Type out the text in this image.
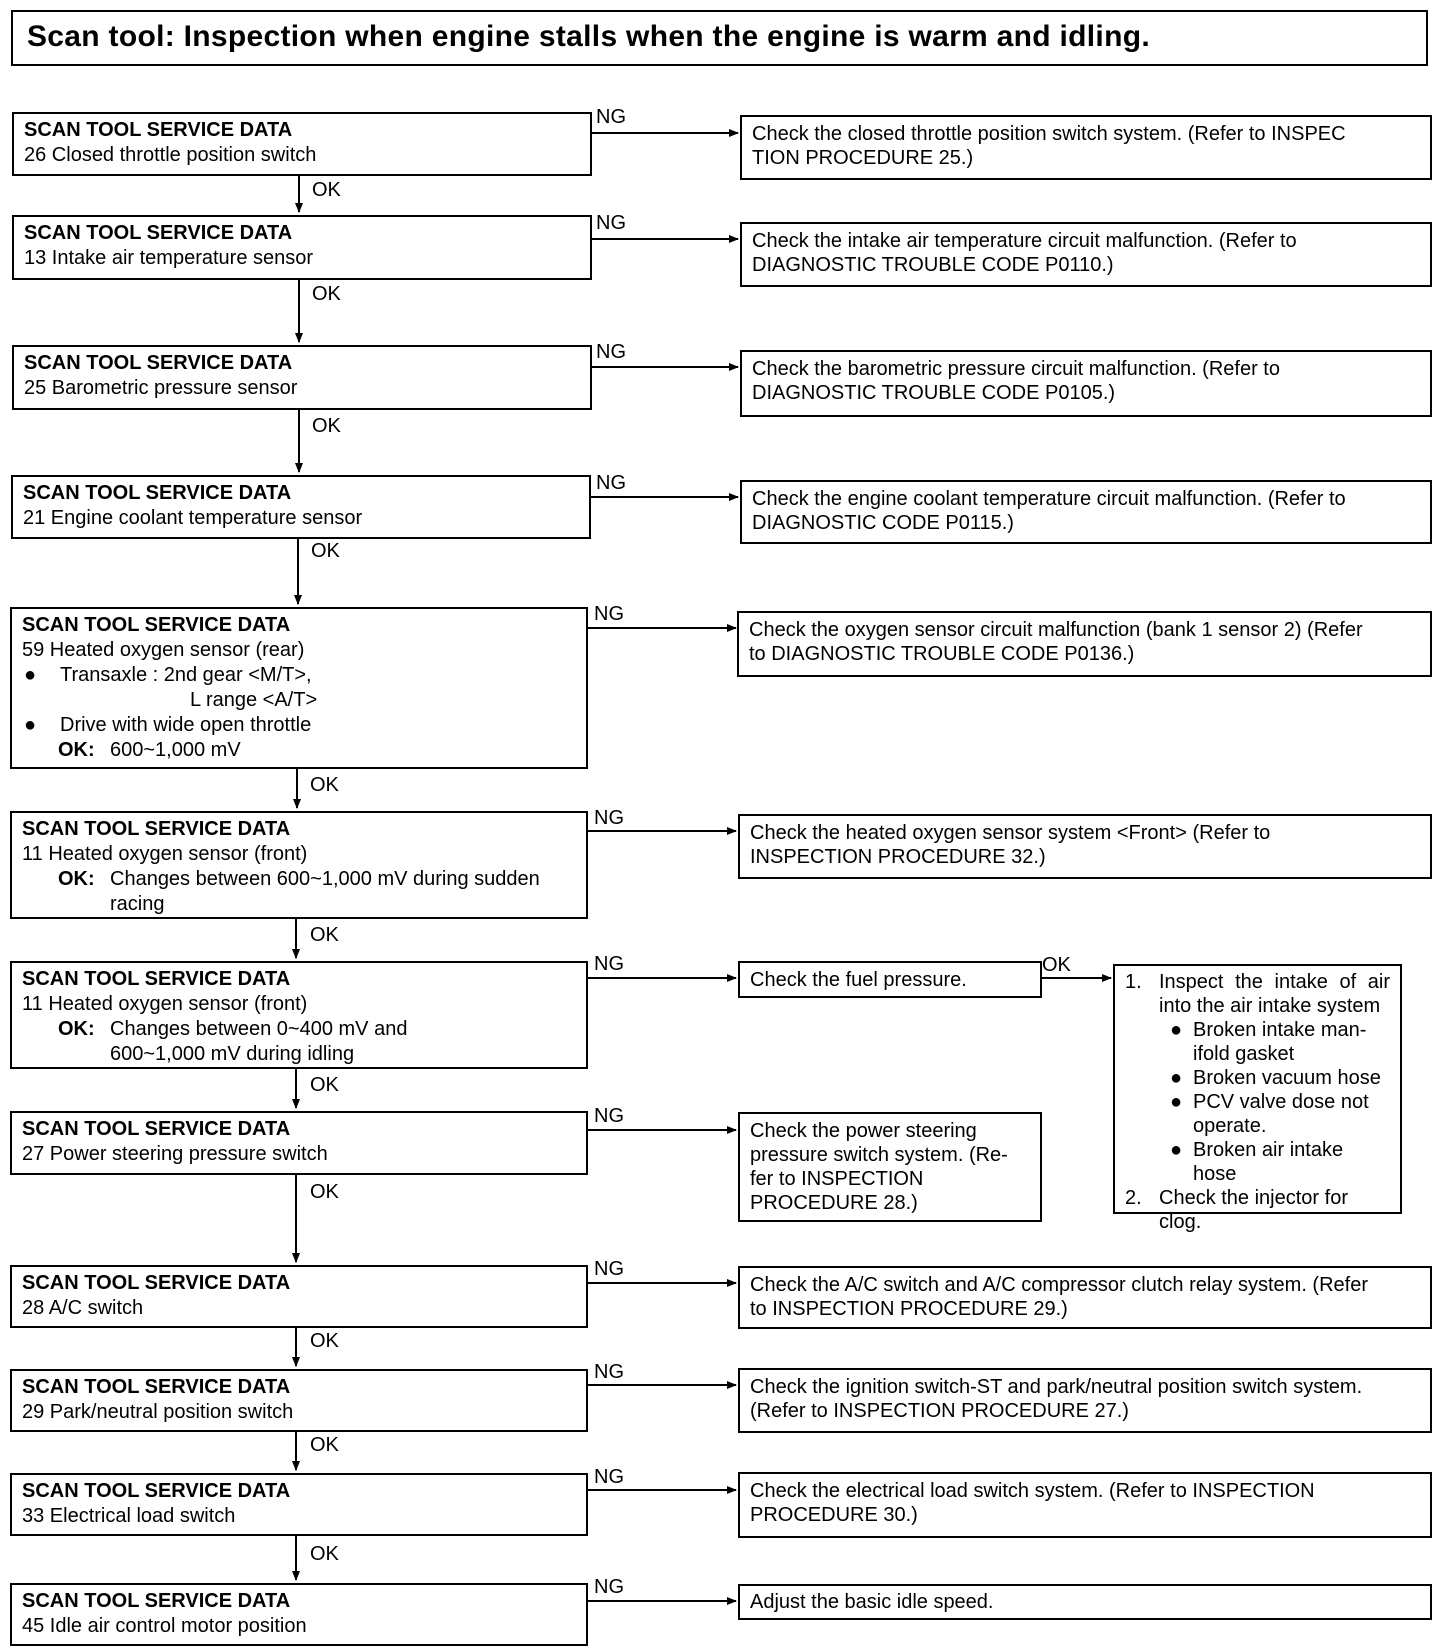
Scan tool: Inspection when engine stalls when the engine is warm and idling.
SCAN TOOL SERVICE DATA
26 Closed throttle position switch
NG
OK
Check the closed throttle position switch system. (Refer to INSPEC
TION PROCEDURE 25.)
SCAN TOOL SERVICE DATA
13 Intake air temperature sensor
NG
OK
Check the intake air temperature circuit malfunction. (Refer to
DIAGNOSTIC TROUBLE CODE P0110.)
SCAN TOOL SERVICE DATA
25 Barometric pressure sensor
NG
OK
Check the barometric pressure circuit malfunction. (Refer to
DIAGNOSTIC TROUBLE CODE P0105.)
SCAN TOOL SERVICE DATA
21 Engine coolant temperature sensor
NG
OK
Check the engine coolant temperature circuit malfunction. (Refer to
DIAGNOSTIC CODE P0115.)
SCAN TOOL SERVICE DATA
59 Heated oxygen sensor (rear)
● Transaxle : 2nd gear <M/T>,
L range <A/T>
● Drive with wide open throttle
OK: 600~1,000 mV
NG
OK
Check the oxygen sensor circuit malfunction (bank 1 sensor 2) (Refer
to DIAGNOSTIC TROUBLE CODE P0136.)
SCAN TOOL SERVICE DATA
11 Heated oxygen sensor (front)
OK: Changes between 600~1,000 mV during sudden
racing
NG
OK
Check the heated oxygen sensor system <Front> (Refer to
INSPECTION PROCEDURE 32.)
SCAN TOOL SERVICE DATA
11 Heated oxygen sensor (front)
OK: Changes between 0~400 mV and
600~1,000 mV during idling
NG
OK
Check the fuel pressure.
OK
1. Inspect the intake of air into the air intake system
● Broken intake man-
ifold gasket
● Broken vacuum hose
● PCV valve dose not
operate.
● Broken air intake hose
2. Check the injector for clog.
SCAN TOOL SERVICE DATA
27 Power steering pressure switch
NG
OK
Check the power steering
pressure switch system. (Re-
fer to INSPECTION
PROCEDURE 28.)
SCAN TOOL SERVICE DATA
28 A/C switch
NG
OK
Check the A/C switch and A/C compressor clutch relay system. (Refer
to INSPECTION PROCEDURE 29.)
SCAN TOOL SERVICE DATA
29 Park/neutral position switch
NG
OK
Check the ignition switch-ST and park/neutral position switch system.
(Refer to INSPECTION PROCEDURE 27.)
SCAN TOOL SERVICE DATA
33 Electrical load switch
NG
OK
Check the electrical load switch system. (Refer to INSPECTION
PROCEDURE 30.)
SCAN TOOL SERVICE DATA
45 Idle air control motor position
NG
Adjust the basic idle speed.
